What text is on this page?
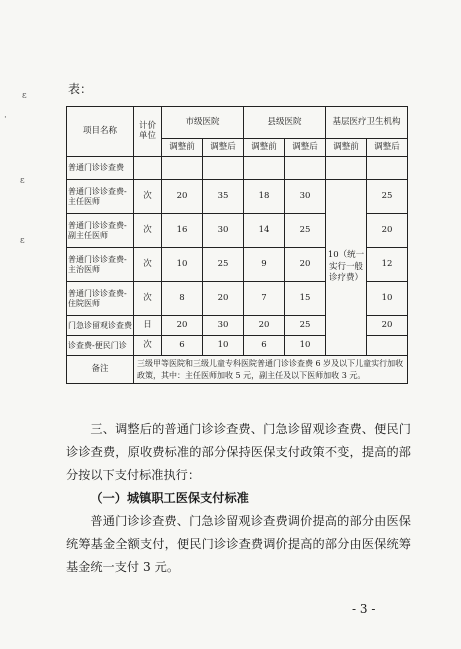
ε
·
ε
ε
表：
项目名称	计价单位	市级医院		县级医院		基层医疗卫生机构	
		调整前	调整后	调整前	调整后	调整前	调整后
普通门诊诊查费							
普通门诊诊查费-主任医师	次	20	35	18	30	10（统一实行一般诊疗费）	25
普通门诊诊查费-副主任医师	次	16	30	14	25		20
普通门诊诊查费-主治医师	次	10	25	9	20		12
普通门诊诊查费-住院医师	次	8	20	7	15		10
门急诊留观诊查费	日	20	30	20	25		20
诊查费-便民门诊	次	6	10	6	10		
备注	三级甲等医院和三级儿童专科医院普通门诊诊查费 6 岁及以下儿童实行加收政策，其中：主任医师加收 5 元，副主任及以下医师加收 3 元。						

三、调整后的普通门诊诊查费、门急诊留观诊查费、便民门诊诊查费，原收费标准的部分保持医保支付政策不变，提高的部分按以下支付标准执行：

（一）城镇职工医保支付标准

普通门诊诊查费、门急诊留观诊查费调价提高的部分由医保统筹基金全额支付，便民门诊诊查费调价提高的部分由医保统筹基金统一支付 3 元。

- 3 -
